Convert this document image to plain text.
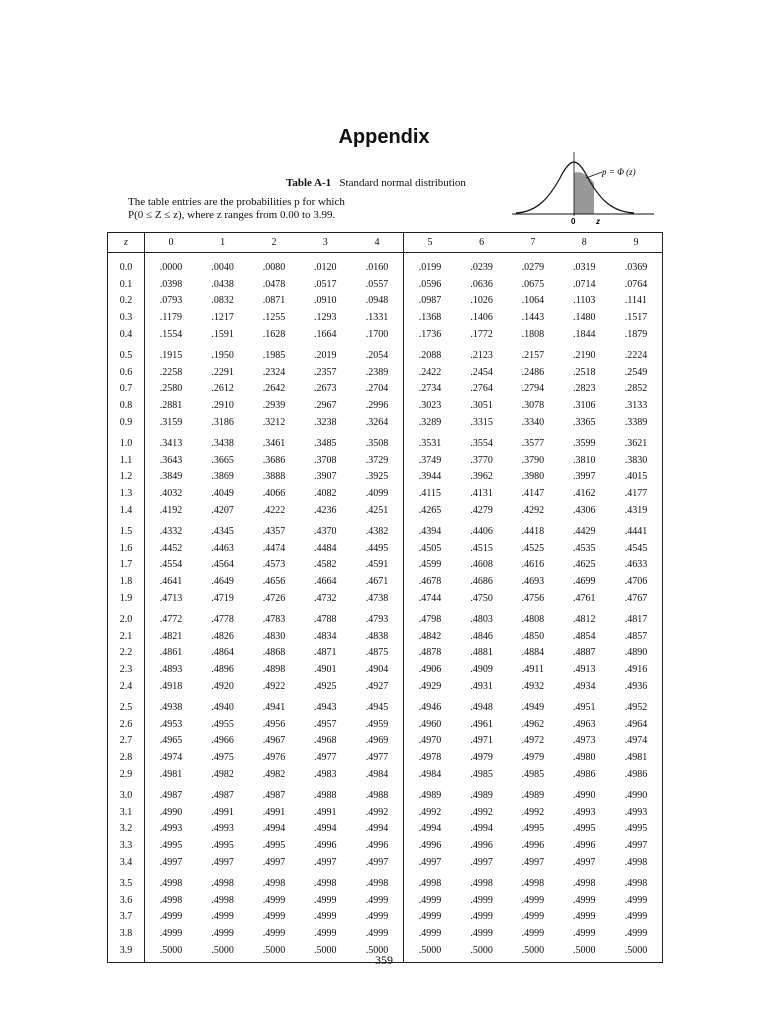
Appendix
Table A-1 Standard normal distribution
The table entries are the probabilities p for which
P(0 ≤ Z ≤ z), where z ranges from 0.00 to 3.99.
p = Φ (z)
0	z
z	0	1	2	3	4	5	6	7	8	9
0.0	.0000	.0040	.0080	.0120	.0160	.0199	.0239	.0279	.0319	.0369
0.1	.0398	.0438	.0478	.0517	.0557	.0596	.0636	.0675	.0714	.0764
0.2	.0793	.0832	.0871	.0910	.0948	.0987	.1026	.1064	.1103	.1141
0.3	.1179	.1217	.1255	.1293	.1331	.1368	.1406	.1443	.1480	.1517
0.4	.1554	.1591	.1628	.1664	.1700	.1736	.1772	.1808	.1844	.1879
0.5	.1915	.1950	.1985	.2019	.2054	.2088	.2123	.2157	.2190	.2224
0.6	.2258	.2291	.2324	.2357	.2389	.2422	.2454	.2486	.2518	.2549
0.7	.2580	.2612	.2642	.2673	.2704	.2734	.2764	.2794	.2823	.2852
0.8	.2881	.2910	.2939	.2967	.2996	.3023	.3051	.3078	.3106	.3133
0.9	.3159	.3186	.3212	.3238	.3264	.3289	.3315	.3340	.3365	.3389
1.0	.3413	.3438	.3461	.3485	.3508	.3531	.3554	.3577	.3599	.3621
1.1	.3643	.3665	.3686	.3708	.3729	.3749	.3770	.3790	.3810	.3830
1.2	.3849	.3869	.3888	.3907	.3925	.3944	.3962	.3980	.3997	.4015
1.3	.4032	.4049	.4066	.4082	.4099	.4115	.4131	.4147	.4162	.4177
1.4	.4192	.4207	.4222	.4236	.4251	.4265	.4279	.4292	.4306	.4319
1.5	.4332	.4345	.4357	.4370	.4382	.4394	.4406	.4418	.4429	.4441
1.6	.4452	.4463	.4474	.4484	.4495	.4505	.4515	.4525	.4535	.4545
1.7	.4554	.4564	.4573	.4582	.4591	.4599	.4608	.4616	.4625	.4633
1.8	.4641	.4649	.4656	.4664	.4671	.4678	.4686	.4693	.4699	.4706
1.9	.4713	.4719	.4726	.4732	.4738	.4744	.4750	.4756	.4761	.4767
2.0	.4772	.4778	.4783	.4788	.4793	.4798	.4803	.4808	.4812	.4817
2.1	.4821	.4826	.4830	.4834	.4838	.4842	.4846	.4850	.4854	.4857
2.2	.4861	.4864	.4868	.4871	.4875	.4878	.4881	.4884	.4887	.4890
2.3	.4893	.4896	.4898	.4901	.4904	.4906	.4909	.4911	.4913	.4916
2.4	.4918	.4920	.4922	.4925	.4927	.4929	.4931	.4932	.4934	.4936
2.5	.4938	.4940	.4941	.4943	.4945	.4946	.4948	.4949	.4951	.4952
2.6	.4953	.4955	.4956	.4957	.4959	.4960	.4961	.4962	.4963	.4964
2.7	.4965	.4966	.4967	.4968	.4969	.4970	.4971	.4972	.4973	.4974
2.8	.4974	.4975	.4976	.4977	.4977	.4978	.4979	.4979	.4980	.4981
2.9	.4981	.4982	.4982	.4983	.4984	.4984	.4985	.4985	.4986	.4986
3.0	.4987	.4987	.4987	.4988	.4988	.4989	.4989	.4989	.4990	.4990
3.1	.4990	.4991	.4991	.4991	.4992	.4992	.4992	.4992	.4993	.4993
3.2	.4993	.4993	.4994	.4994	.4994	.4994	.4994	.4995	.4995	.4995
3.3	.4995	.4995	.4995	.4996	.4996	.4996	.4996	.4996	.4996	.4997
3.4	.4997	.4997	.4997	.4997	.4997	.4997	.4997	.4997	.4997	.4998
3.5	.4998	.4998	.4998	.4998	.4998	.4998	.4998	.4998	.4998	.4998
3.6	.4998	.4998	.4999	.4999	.4999	.4999	.4999	.4999	.4999	.4999
3.7	.4999	.4999	.4999	.4999	.4999	.4999	.4999	.4999	.4999	.4999
3.8	.4999	.4999	.4999	.4999	.4999	.4999	.4999	.4999	.4999	.4999
3.9	.5000	.5000	.5000	.5000	.5000	.5000	.5000	.5000	.5000	.5000
359
